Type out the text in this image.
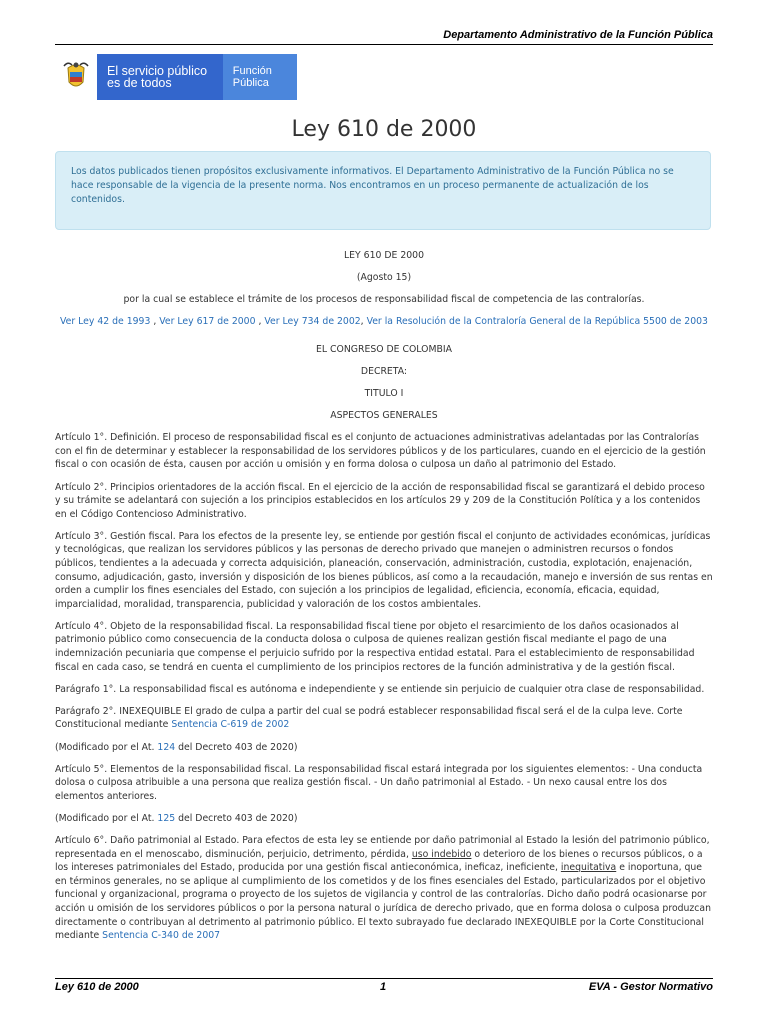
Departamento Administrativo de la Función Pública
El servicio público
es de todos
Función
Pública
Ley 610 de 2000
Los datos publicados tienen propósitos exclusivamente informativos. El Departamento Administrativo de la Función Pública no se hace responsable de la vigencia de la presente norma. Nos encontramos en un proceso permanente de actualización de los contenidos.

LEY 610 DE 2000

(Agosto 15)

por la cual se establece el trámite de los procesos de responsabilidad fiscal de competencia de las contralorías.

Ver Ley 42 de 1993 , Ver Ley 617 de 2000 , Ver Ley 734 de 2002, Ver la Resolución de la Contraloría General de la República 5500 de 2003

EL CONGRESO DE COLOMBIA

DECRETA:

TITULO I

ASPECTOS GENERALES

Artículo 1°. Definición. El proceso de responsabilidad fiscal es el conjunto de actuaciones administrativas adelantadas por las Contralorías con el fin de determinar y establecer la responsabilidad de los servidores públicos y de los particulares, cuando en el ejercicio de la gestión fiscal o con ocasión de ésta, causen por acción u omisión y en forma dolosa o culposa un daño al patrimonio del Estado.

Artículo 2°. Principios orientadores de la acción fiscal. En el ejercicio de la acción de responsabilidad fiscal se garantizará el debido proceso y su trámite se adelantará con sujeción a los principios establecidos en los artículos 29 y 209 de la Constitución Política y a los contenidos en el Código Contencioso Administrativo.

Artículo 3°. Gestión fiscal. Para los efectos de la presente ley, se entiende por gestión fiscal el conjunto de actividades económicas, jurídicas y tecnológicas, que realizan los servidores públicos y las personas de derecho privado que manejen o administren recursos o fondos públicos, tendientes a la adecuada y correcta adquisición, planeación, conservación, administración, custodia, explotación, enajenación, consumo, adjudicación, gasto, inversión y disposición de los bienes públicos, así como a la recaudación, manejo e inversión de sus rentas en orden a cumplir los fines esenciales del Estado, con sujeción a los principios de legalidad, eficiencia, economía, eficacia, equidad, imparcialidad, moralidad, transparencia, publicidad y valoración de los costos ambientales.

Artículo 4°. Objeto de la responsabilidad fiscal. La responsabilidad fiscal tiene por objeto el resarcimiento de los daños ocasionados al patrimonio público como consecuencia de la conducta dolosa o culposa de quienes realizan gestión fiscal mediante el pago de una indemnización pecuniaria que compense el perjuicio sufrido por la respectiva entidad estatal. Para el establecimiento de responsabilidad fiscal en cada caso, se tendrá en cuenta el cumplimiento de los principios rectores de la función administrativa y de la gestión fiscal.

Parágrafo 1°. La responsabilidad fiscal es autónoma e independiente y se entiende sin perjuicio de cualquier otra clase de responsabilidad.

Parágrafo 2°. INEXEQUIBLE El grado de culpa a partir del cual se podrá establecer responsabilidad fiscal será el de la culpa leve. Corte Constitucional mediante Sentencia C-619 de 2002

(Modificado por el At. 124 del Decreto 403 de 2020)

Artículo 5°. Elementos de la responsabilidad fiscal. La responsabilidad fiscal estará integrada por los siguientes elementos: - Una conducta dolosa o culposa atribuible a una persona que realiza gestión fiscal. - Un daño patrimonial al Estado. - Un nexo causal entre los dos elementos anteriores.

(Modificado por el At. 125 del Decreto 403 de 2020)

Artículo 6°. Daño patrimonial al Estado. Para efectos de esta ley se entiende por daño patrimonial al Estado la lesión del patrimonio público, representada en el menoscabo, disminución, perjuicio, detrimento, pérdida, uso indebido o deterioro de los bienes o recursos públicos, o a los intereses patrimoniales del Estado, producida por una gestión fiscal antieconómica, ineficaz, ineficiente, inequitativa e inoportuna, que en términos generales, no se aplique al cumplimiento de los cometidos y de los fines esenciales del Estado, particularizados por el objetivo funcional y organizacional, programa o proyecto de los sujetos de vigilancia y control de las contralorías. Dicho daño podrá ocasionarse por acción u omisión de los servidores públicos o por la persona natural o jurídica de derecho privado, que en forma dolosa o culposa produzcan directamente o contribuyan al detrimento al patrimonio público. El texto subrayado fue declarado INEXEQUIBLE por la Corte Constitucional mediante Sentencia C-340 de 2007

Ley 610 de 2000	1	EVA - Gestor Normativo
